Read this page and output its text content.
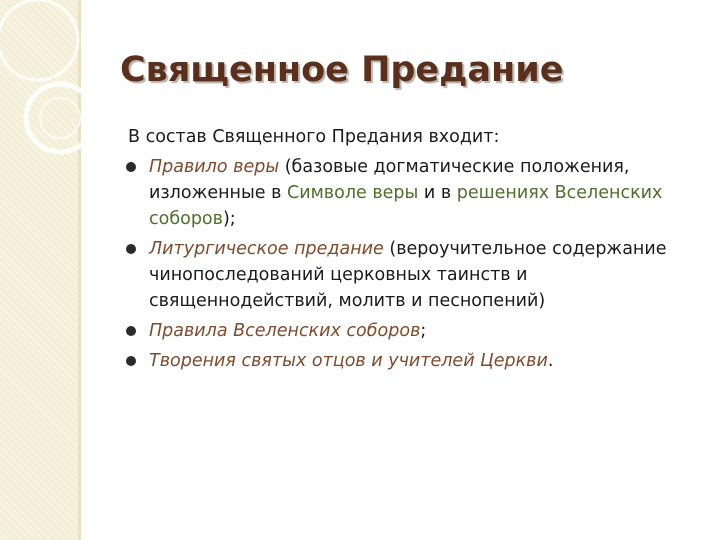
Священное Предание

В состав Священного Предания входит:

Правило веры (базовые догматические положения, изложенные в Символе веры и в решениях Вселенских соборов);
Литургическое предание (вероучительное содержание чинопоследований церковных таинств и священнодействий, молитв и песнопений)
Правила Вселенских соборов;
Творения святых отцов и учителей Церкви.
